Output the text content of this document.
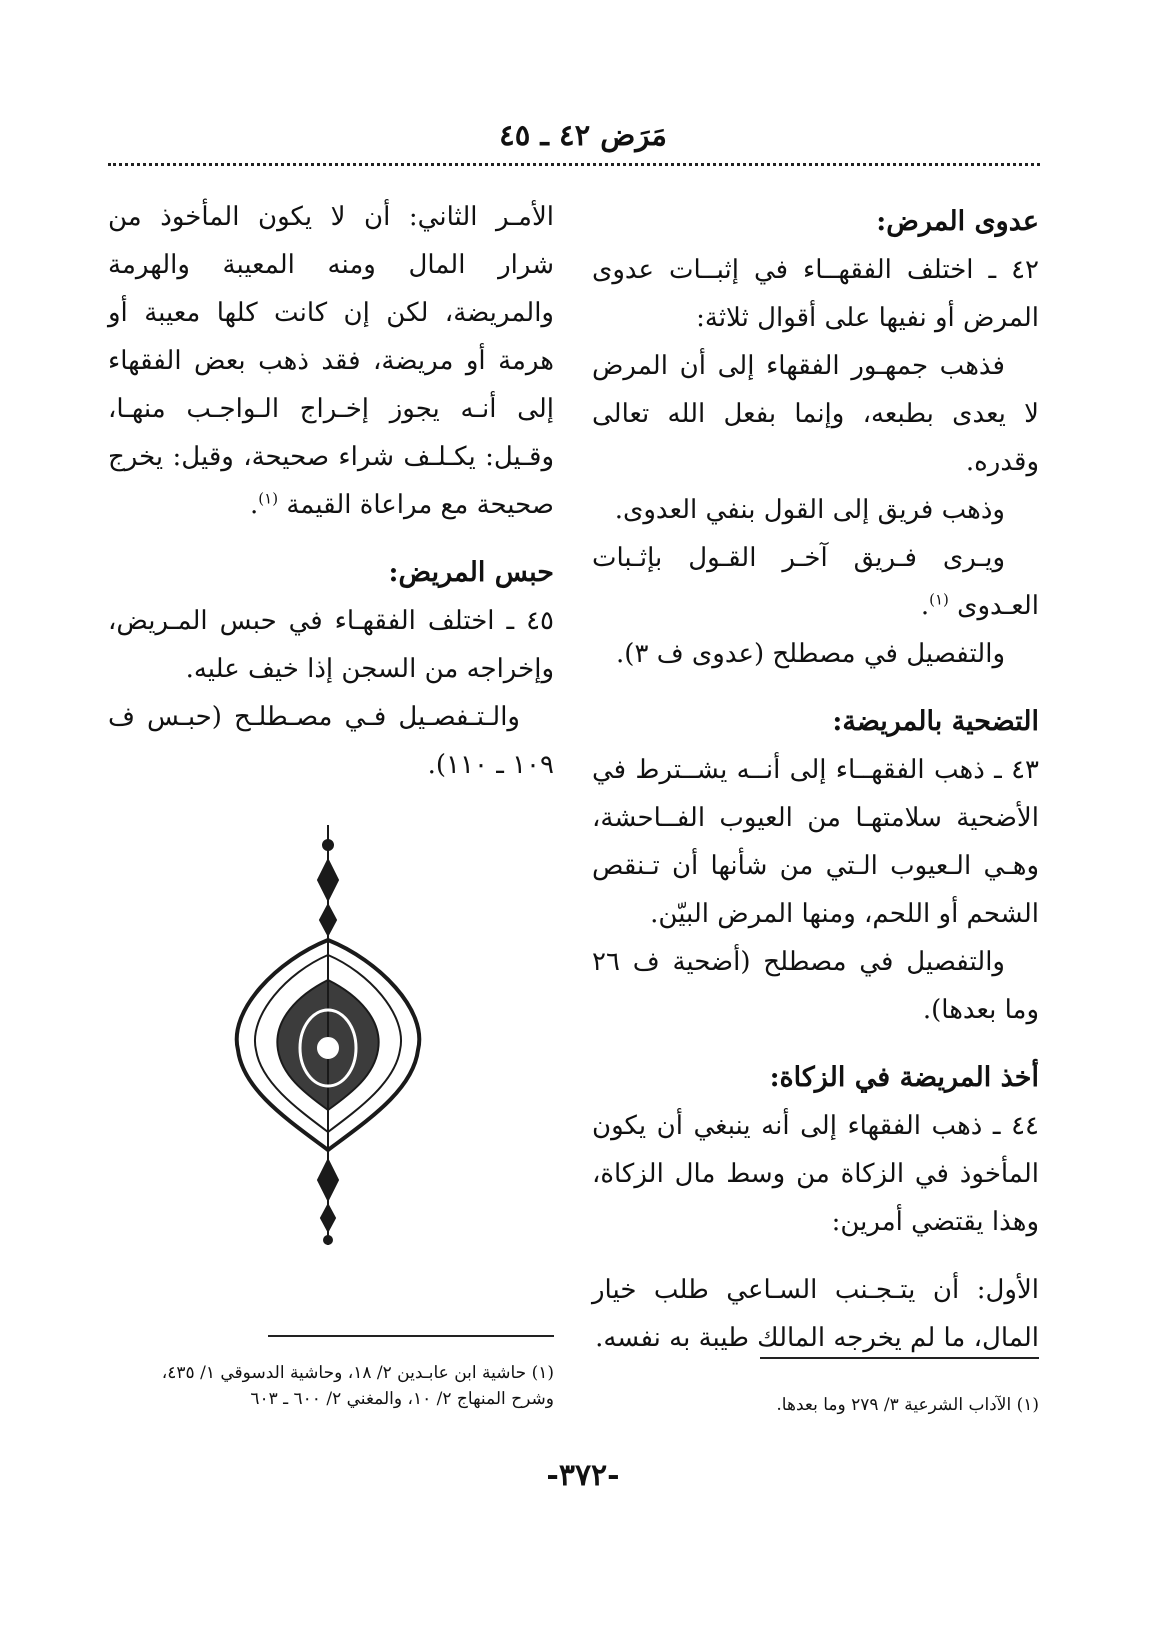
مَرَض ٤٢ ـ ٤٥

عدوى المرض:

٤٢ ـ اختلف الفقهــاء في إثبــات عدوى المرض أو نفيها على أقوال ثلاثة:

فذهب جمهـور الفقهاء إلى أن المرض لا يعدى بطبعه، وإنما بفعل الله تعالى وقدره.

وذهب فريق إلى القول بنفي العدوى.

ويـرى فـريق آخـر القـول بإثـبات العـدوى $^{(١)}$.

والتفصيل في مصطلح (عدوى ف ٣).

التضحية بالمريضة:

٤٣ ـ ذهب الفقهــاء إلى أنــه يشــترط في الأضحية سلامتهـا من العيوب الفــاحشة، وهـي الـعيوب الـتي من شأنها أن تـنقص الشحم أو اللحم، ومنها المرض البيّن.

والتفصيل في مصطلح (أضحية ف ٢٦ وما بعدها).

أخذ المريضة في الزكاة:

٤٤ ـ ذهب الفقهاء إلى أنه ينبغي أن يكون المأخوذ في الزكاة من وسط مال الزكاة، وهذا يقتضي أمرين:

الأول: أن يتـجـنب السـاعي طلب خيار المال، ما لم يخرجه المالك طيبة به نفسه.

الأمـر الثاني: أن لا يكون المأخوذ من شرار المال ومنه المعيبة والهرمة والمريضة، لكن إن كانت كلها معيبة أو هرمة أو مريضة، فقد ذهب بعض الفقهاء إلى أنـه يجوز إخـراج الـواجـب منهـا، وقـيل: يكـلـف شراء صحيحة، وقيل: يخرج صحيحة مع مراعاة القيمة $^{(١)}$.

حبس المريض:

٤٥ ـ اختلف الفقهـاء في حبس المـريض، وإخراجه من السجن إذا خيف عليه.

والـتـفصـيل فـي مصـطلـح (حبـس ف ١٠٩ ـ ١١٠).

(١) الآداب الشرعية ٣/ ٢٧٩ وما بعدها.
(١) حاشية ابن عابـدين ٢/ ١٨، وحاشية الدسوقي ١/ ٤٣٥،
وشرح المنهاج ٢/ ١٠، والمغني ٢/ ٦٠٠ ـ ٦٠٣
-٣٧٢-
